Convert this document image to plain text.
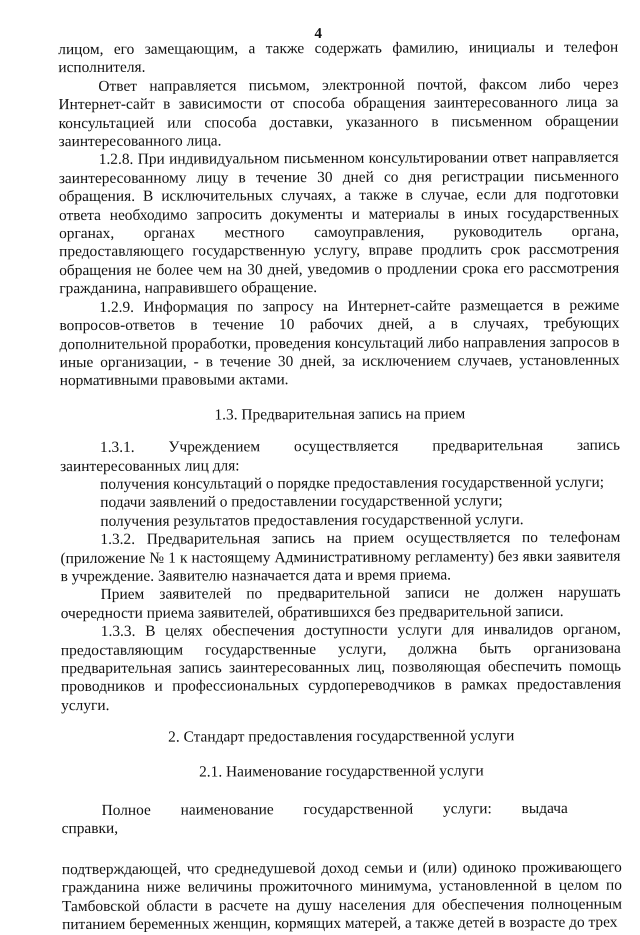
4

лицом, его замещающим, а также содержать фамилию, инициалы и телефон исполнителя.

Ответ направляется письмом, электронной почтой, факсом либо через Интернет-сайт в зависимости от способа обращения заинтересованного лица за консультацией или способа доставки, указанного в письменном обращении заинтересованного лица.

1.2.8. При индивидуальном письменном консультировании ответ направляется заинтересованному лицу в течение 30 дней со дня регистрации письменного обращения. В исключительных случаях, а также в случае, если для подготовки ответа необходимо запросить документы и материалы в иных государственных органах, органах местного самоуправления, руководитель органа, предоставляющего государственную услугу, вправе продлить срок рассмотрения обращения не более чем на 30 дней, уведомив о продлении срока его рассмотрения гражданина, направившего обращение.

1.2.9. Информация по запросу на Интернет-сайте размещается в режиме вопросов-ответов в течение 10 рабочих дней, а в случаях, требующих дополнительной проработки, проведения консультаций либо направления запросов в иные организации, - в течение 30 дней, за исключением случаев, установленных нормативными правовыми актами.

1.3. Предварительная запись на прием

1.3.1. Учреждением осуществляется предварительная запись заинтересованных лиц для:

получения консультаций о порядке предоставления государственной услуги;

подачи заявлений о предоставлении государственной услуги;

получения результатов предоставления государственной услуги.

1.3.2. Предварительная запись на прием осуществляется по телефонам (приложение № 1 к настоящему Административному регламенту) без явки заявителя в учреждение. Заявителю назначается дата и время приема.

Прием заявителей по предварительной записи не должен нарушать очередности приема заявителей, обратившихся без предварительной записи.

1.3.3. В целях обеспечения доступности услуги для инвалидов органом, предоставляющим государственные услуги, должна быть организована предварительная запись заинтересованных лиц, позволяющая обеспечить помощь проводников и профессиональных сурдопереводчиков в рамках предоставления услуги.

2. Стандарт предоставления государственной услуги

2.1. Наименование государственной услуги

Полное наименование государственной услуги: выдача справки,

подтверждающей, что среднедушевой доход семьи и (или) одиноко проживающего гражданина ниже величины прожиточного минимума, установленной в целом по Тамбовской области в расчете на душу населения для обеспечения полноценным питанием беременных женщин, кормящих матерей, а также детей в возрасте до трех
